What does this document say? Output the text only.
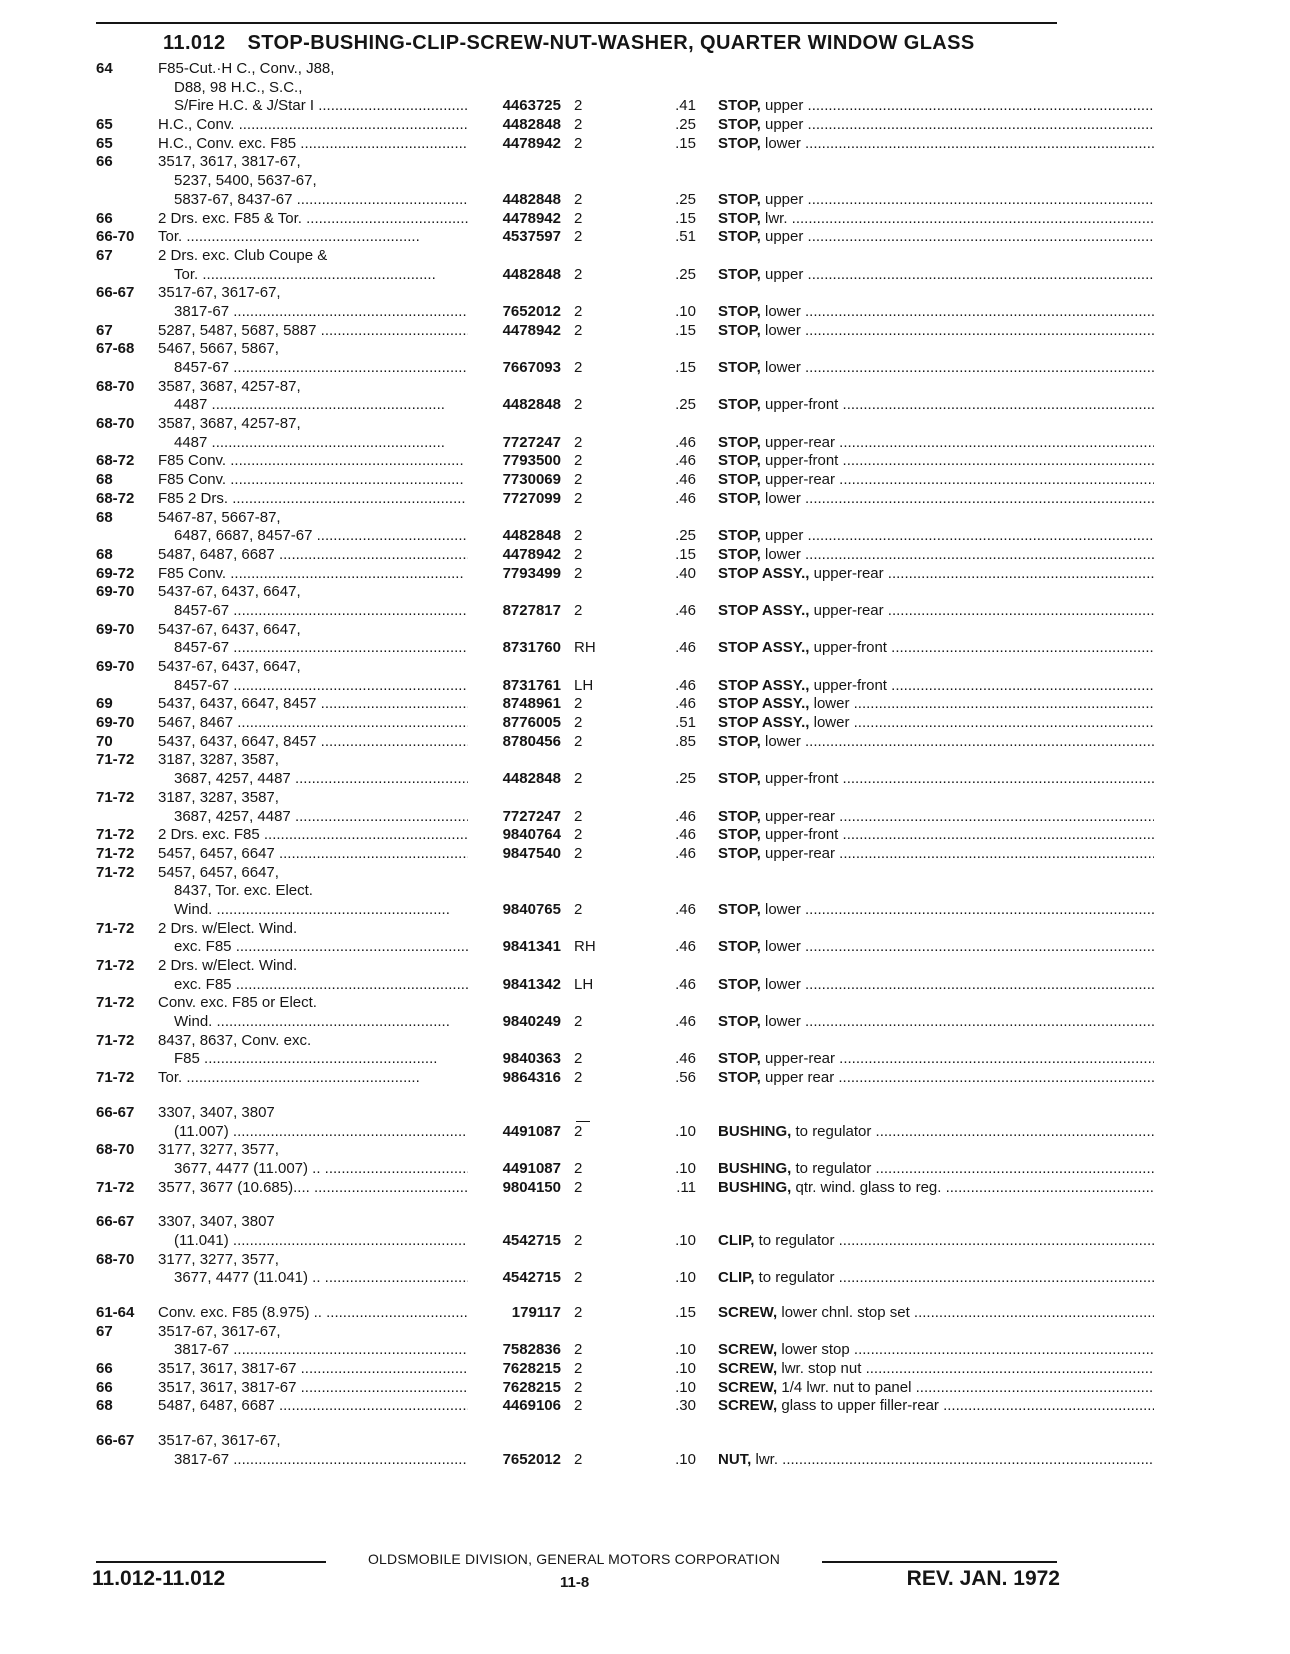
11.012 STOP-BUSHING-CLIP-SCREW-NUT-WASHER, QUARTER WINDOW GLASS
64	F85-Cut.·H C., Conv., J88,
D88, 98 H.C., S.C.,
S/Fire H.C. & J/Star I .....	4463725 2	.41 STOP, upper .....
65	H.C., Conv. .....	4482848 2	.25 STOP, upper .....
65	H.C., Conv. exc. F85 .....	4478942 2	.15 STOP, lower .....
66	3517, 3617, 3817-67,
5237, 5400, 5637-67,
5837-67, 8437-67 .....	4482848 2	.25 STOP, upper .....
66	2 Drs. exc. F85 & Tor. .....	4478942 2	.15 STOP, lwr. .....
66-70 Tor. .....	4537597 2	.51 STOP, upper .....
67	2 Drs. exc. Club Coupe &
Tor. .....	4482848 2	.25 STOP, upper .....
66-67 3517-67, 3617-67,
3817-67 .....	7652012 2	.10 STOP, lower .....
67	5287, 5487, 5687, 5887 .....	4478942 2	.15 STOP, lower .....
67-68 5467, 5667, 5867,
8457-67 .....	7667093 2	.15 STOP, lower .....
68-70 3587, 3687, 4257-87,
4487 .....	4482848 2	.25 STOP, upper-front .....
68-70 3587, 3687, 4257-87,
4487 .....	7727247 2	.46 STOP, upper-rear .....
68-72 F85 Conv. .....	7793500 2	.46 STOP, upper-front .....
68	F85 Conv. .....	7730069 2	.46 STOP, upper-rear .....
68-72 F85 2 Drs. .....	7727099 2	.46 STOP, lower .....
68	5467-87, 5667-87,
6487, 6687, 8457-67 .....	4482848 2	.25 STOP, upper .....
68	5487, 6487, 6687 .....	4478942 2	.15 STOP, lower .....
69-72 F85 Conv. .....	7793499 2	.40 STOP ASSY., upper-rear .....
69-70 5437-67, 6437, 6647,
8457-67 .....	8727817 2	.46 STOP ASSY., upper-rear .....
69-70 5437-67, 6437, 6647,
8457-67 .....	8731760 RH	.46 STOP ASSY., upper-front .....
69-70 5437-67, 6437, 6647,
8457-67 .....	8731761 LH	.46 STOP ASSY., upper-front .....
69	5437, 6437, 6647, 8457 .....	8748961 2	.46 STOP ASSY., lower .....
69-70 5467, 8467 .....	8776005 2	.51 STOP ASSY., lower .....
70	5437, 6437, 6647, 8457 .....	8780456 2	.85 STOP, lower .....
71-72 3187, 3287, 3587,
3687, 4257, 4487 .....	4482848 2	.25 STOP, upper-front .....
71-72 3187, 3287, 3587,
3687, 4257, 4487 .....	7727247 2	.46 STOP, upper-rear .....
71-72 2 Drs. exc. F85 .....	9840764 2	.46 STOP, upper-front .....
71-72 5457, 6457, 6647 .....	9847540 2	.46 STOP, upper-rear .....
71-72 5457, 6457, 6647,
8437, Tor. exc. Elect.
Wind. .....	9840765 2	.46 STOP, lower .....
71-72 2 Drs. w/Elect. Wind.
exc. F85 .....	9841341 RH	.46 STOP, lower .....
71-72 2 Drs. w/Elect. Wind.
exc. F85 .....	9841342 LH	.46 STOP, lower .....
71-72 Conv. exc. F85 or Elect.
Wind. .....	9840249 2	.46 STOP, lower .....
71-72 8437, 8637, Conv. exc.
F85 .....	9840363 2	.46 STOP, upper-rear .....
71-72 Tor. .....	9864316 2	.56 STOP, upper rear .....
66-67 3307, 3407, 3807
(11.007) .....	4491087 2	.10 BUSHING, to regulator .....
68-70 3177, 3277, 3577,
3677, 4477 (11.007) .. .....	4491087 2	.10 BUSHING, to regulator .....
71-72 3577, 3677 (10.685).... .....	9804150 2	.11 BUSHING, qtr. wind. glass to reg. .....
66-67 3307, 3407, 3807
(11.041) .....	4542715 2	.10 CLIP, to regulator .....
68-70 3177, 3277, 3577,
3677, 4477 (11.041) .. .....	4542715 2	.10 CLIP, to regulator .....
61-64 Conv. exc. F85 (8.975) .. .....	179117 2	.15 SCREW, lower chnl. stop set .....
67	3517-67, 3617-67,
3817-67 .....	7582836 2	.10 SCREW, lower stop .....
66	3517, 3617, 3817-67 .....	7628215 2	.10 SCREW, lwr. stop nut .....
66	3517, 3617, 3817-67 .....	7628215 2	.10 SCREW, 1/4 lwr. nut to panel .....
68	5487, 6487, 6687 .....	4469106 2	.30 SCREW, glass to upper filler-rear .....
66-67 3517-67, 3617-67,
3817-67 .....	7652012 2	.10 NUT, lwr. .....
OLDSMOBILE DIVISION, GENERAL MOTORS CORPORATION
11.012-11.012	11-8	REV. JAN. 1972
